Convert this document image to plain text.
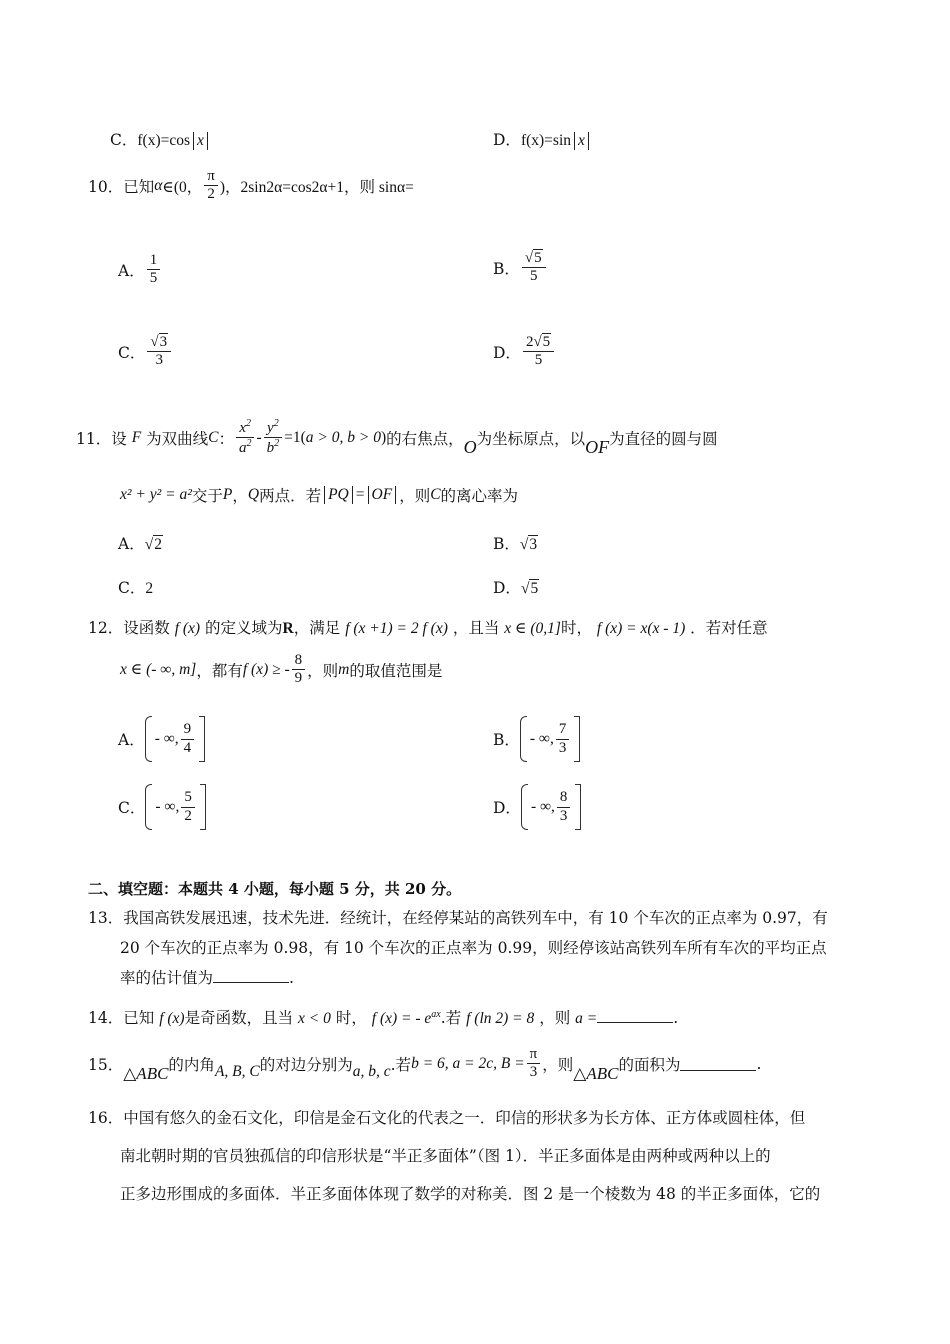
C．f(x)=cos x	D．f(x)=sin x
10． 已知 α ∈(0， $\frac{\pi}{2}$ )，2sin2α=cos2α+1，则 sinα=
A． $\frac{1}{5}$	B． $\frac{√5}{5}$
C． $\frac{√3}{3}$	D． $\frac{2√5}{5}$
11． 设
F
为双曲线 C ： $\frac{x^2}{a^2} - \frac{y^2}{b^2} =1$( a > 0, b > 0 ) 的右焦点， O 为坐标原点，以 OF 为直径的圆与圆
x² + y² = a² 交于 P ， Q 两点．若 PQ = OF ，则 C 的离心率为
A．√2	B．√3
C．2	D．√5
12．设函数 f (x) 的定义域为R，满足 f (x +1) = 2 f (x) ，且当 x ∈ (0,1]时， f (x) = x(x - 1) ．若对任意
x ∈ (- ∞, m] ，都有 f (x) ≥ - $\frac{8}{9}$ ，则 m 的取值范围是
A． - ∞, $\frac{9}{4}$	B． - ∞, $\frac{7}{3}$
C． - ∞, $\frac{5}{2}$	D． - ∞, $\frac{8}{3}$
二、填空题：本题共 4 小题，每小题 5 分，共 20 分。
13．我国高铁发展迅速，技术先进．经统计，在经停某站的高铁列车中，有 10 个车次的正点率为 0.97，有
20 个车次的正点率为 0.98，有 10 个车次的正点率为 0.99，则经停该站高铁列车所有车次的平均正点
率的估计值为	.
14．已知 f (x)是奇函数，且当 x < 0 时， f (x) = - $e^{ax}$.若 f (ln 2) = 8 ，则 a =	.
15． △ABC 的内角 A, B, C 的对边分别为 a, b, c .若 b = 6, a = 2c, $B = \frac{\pi}{3}$ ，则 △ABC 的面积为	.
16．中国有悠久的金石文化，印信是金石文化的代表之一．印信的形状多为长方体、正方体或圆柱体，但
南北朝时期的官员独孤信的印信形状是“半正多面体”（图 1）．半正多面体是由两种或两种以上的
正多边形围成的多面体．半正多面体体现了数学的对称美．图 2 是一个棱数为 48 的半正多面体，它的
